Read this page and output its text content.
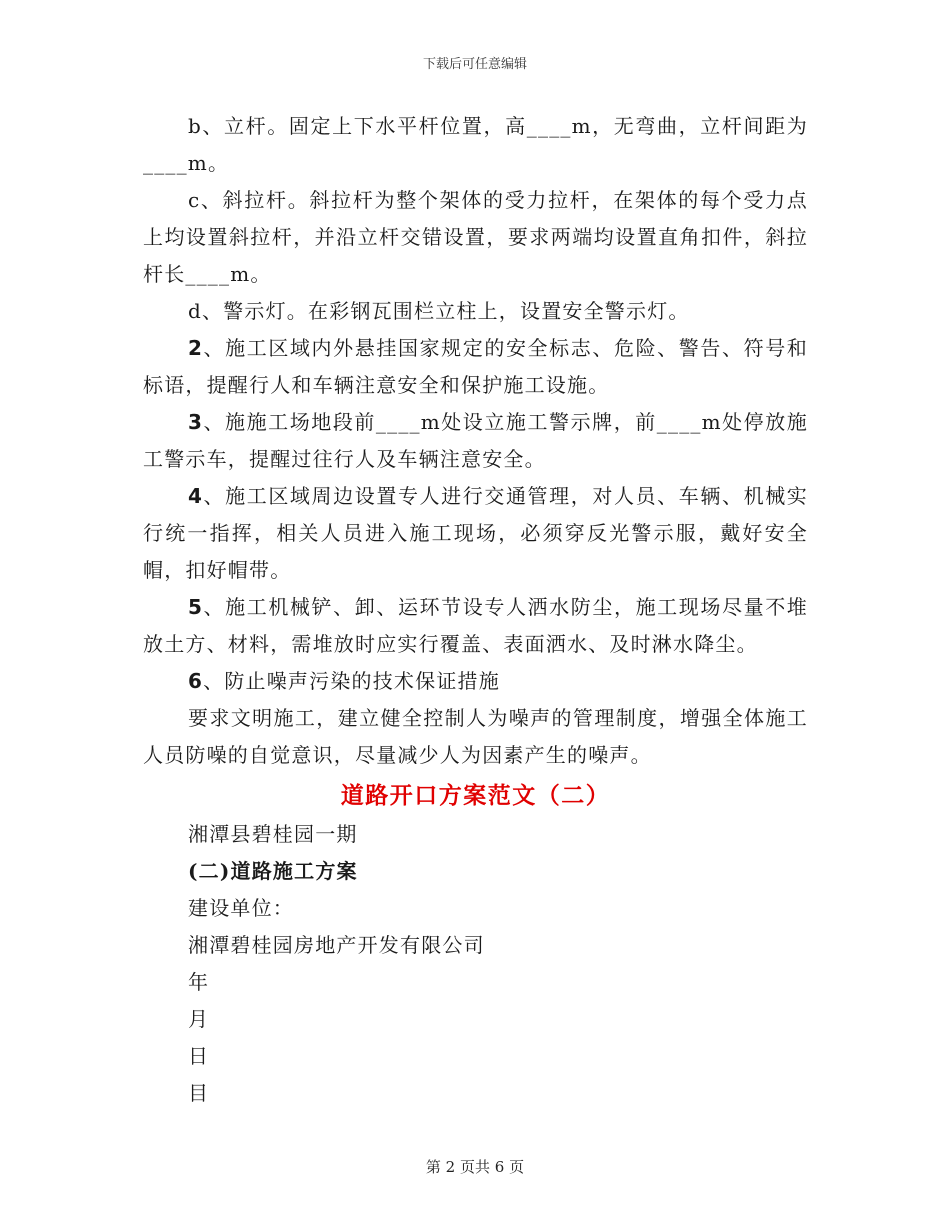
下载后可任意编辑

b、立杆。固定上下水平杆位置，高____m，无弯曲，立杆间距为____m。

c、斜拉杆。斜拉杆为整个架体的受力拉杆，在架体的每个受力点上均设置斜拉杆，并沿立杆交错设置，要求两端均设置直角扣件，斜拉杆长____m。

d、警示灯。在彩钢瓦围栏立柱上，设置安全警示灯。

2、施工区域内外悬挂国家规定的安全标志、危险、警告、符号和标语，提醒行人和车辆注意安全和保护施工设施。

3、施施工场地段前____m处设立施工警示牌，前____m处停放施工警示车，提醒过往行人及车辆注意安全。

4、施工区域周边设置专人进行交通管理，对人员、车辆、机械实行统一指挥，相关人员进入施工现场，必须穿反光警示服，戴好安全帽，扣好帽带。

5、施工机械铲、卸、运环节设专人洒水防尘，施工现场尽量不堆放土方、材料，需堆放时应实行覆盖、表面洒水、及时淋水降尘。

6、防止噪声污染的技术保证措施

要求文明施工，建立健全控制人为噪声的管理制度，增强全体施工人员防噪的自觉意识，尽量减少人为因素产生的噪声。

道路开口方案范文（二）

湘潭县碧桂园一期

(二)道路施工方案

建设单位：

湘潭碧桂园房地产开发有限公司

年

月

日

目

第 2 页共 6 页
